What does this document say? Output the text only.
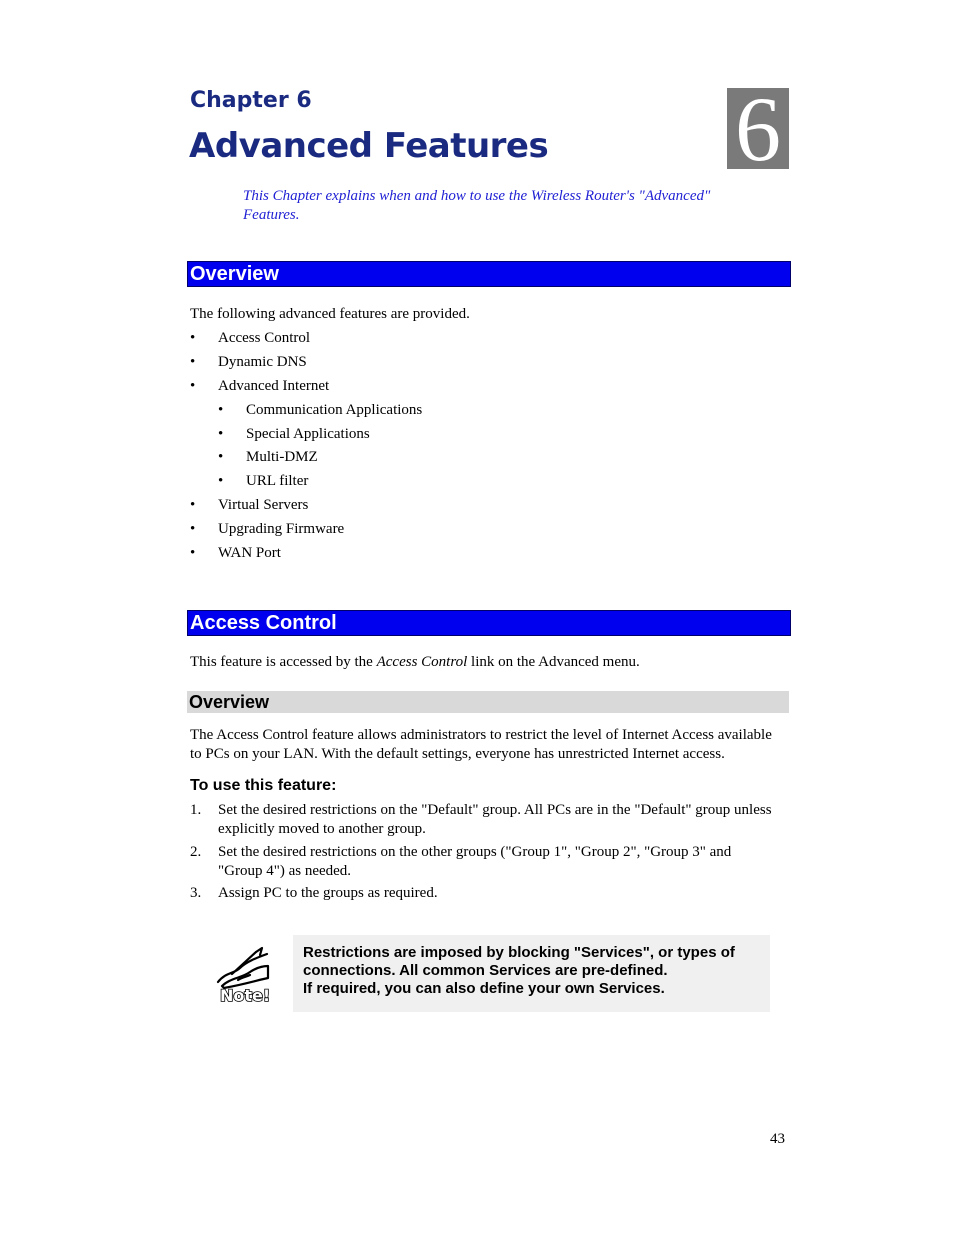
Chapter 6
Advanced Features 6
This Chapter explains when and how to use the Wireless Router's "Advanced" Features.
Overview
The following advanced features are provided.
• Access Control
• Dynamic DNS
• Advanced Internet
• Communication Applications
• Special Applications
• Multi-DMZ
• URL filter
• Virtual Servers
• Upgrading Firmware
• WAN Port
Access Control
This feature is accessed by the Access Control link on the Advanced menu.
Overview
The Access Control feature allows administrators to restrict the level of Internet Access available to PCs on your LAN. With the default settings, everyone has unrestricted Internet access.
To use this feature:
1. Set the desired restrictions on the "Default" group. All PCs are in the "Default" group unless explicitly moved to another group.
2. Set the desired restrictions on the other groups ("Group 1", "Group 2", "Group 3" and "Group 4") as needed.
3. Assign PC to the groups as required.
Note!
Restrictions are imposed by blocking "Services", or types of connections. All common Services are pre-defined.
If required, you can also define your own Services.
43
